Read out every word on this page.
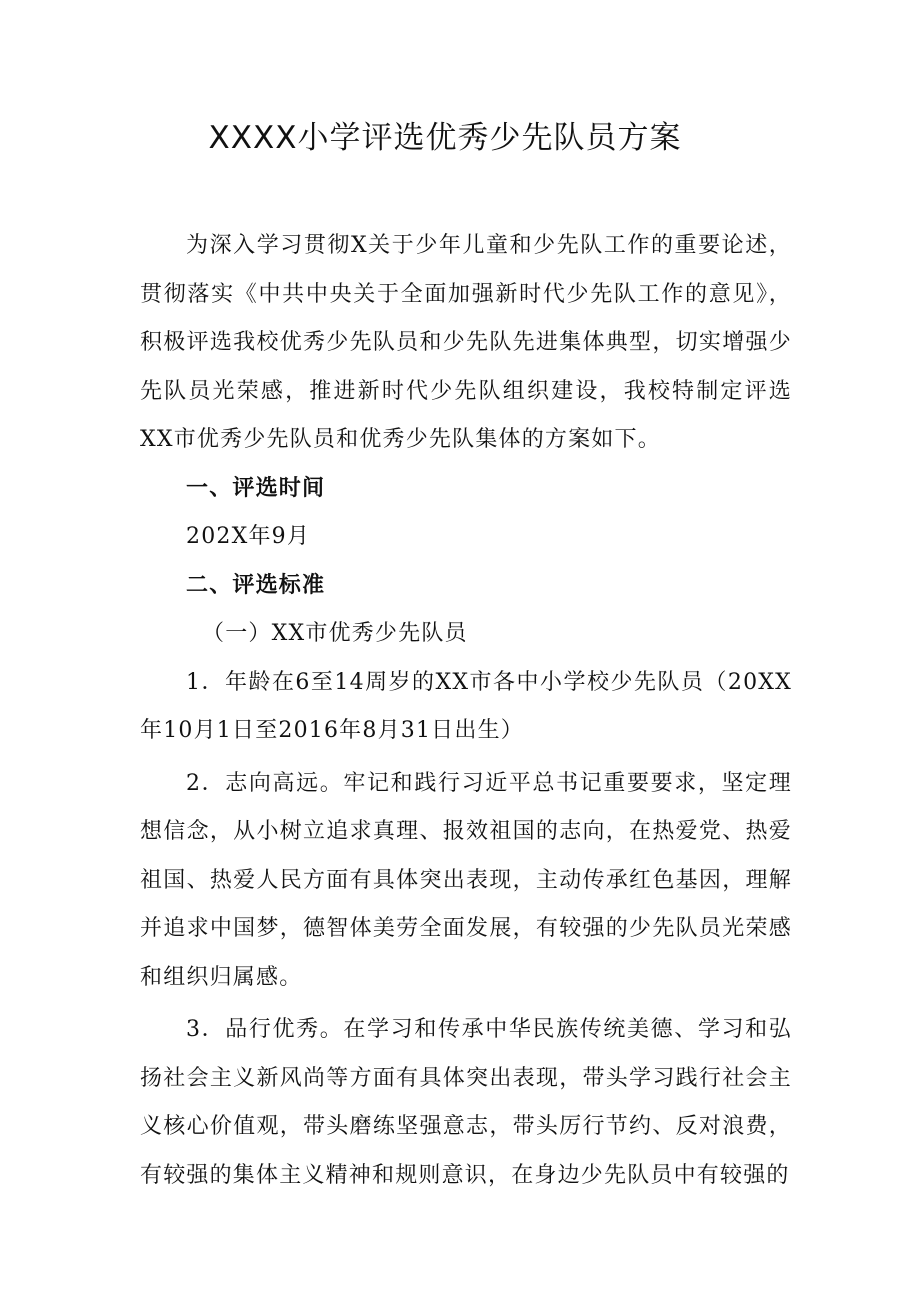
XXXX小学评选优秀少先队员方案

为深入学习贯彻X关于少年儿童和少先队工作的重要论述，贯彻落实《中共中央关于全面加强新时代少先队工作的意见》，积极评选我校优秀少先队员和少先队先进集体典型，切实增强少先队员光荣感，推进新时代少先队组织建设，我校特制定评选XX市优秀少先队员和优秀少先队集体的方案如下。

一、评选时间

202X年9月

二、评选标准

（一）XX市优秀少先队员

1．年龄在6至14周岁的XX市各中小学校少先队员（20XX年10月1日至2016年8月31日出生）

2．志向高远。牢记和践行习近平总书记重要要求，坚定理想信念，从小树立追求真理、报效祖国的志向，在热爱党、热爱祖国、热爱人民方面有具体突出表现，主动传承红色基因，理解并追求中国梦，德智体美劳全面发展，有较强的少先队员光荣感和组织归属感。

3．品行优秀。在学习和传承中华民族传统美德、学习和弘扬社会主义新风尚等方面有具体突出表现，带头学习践行社会主义核心价值观，带头磨练坚强意志，带头厉行节约、反对浪费，有较强的集体主义精神和规则意识，在身边少先队员中有较强的
